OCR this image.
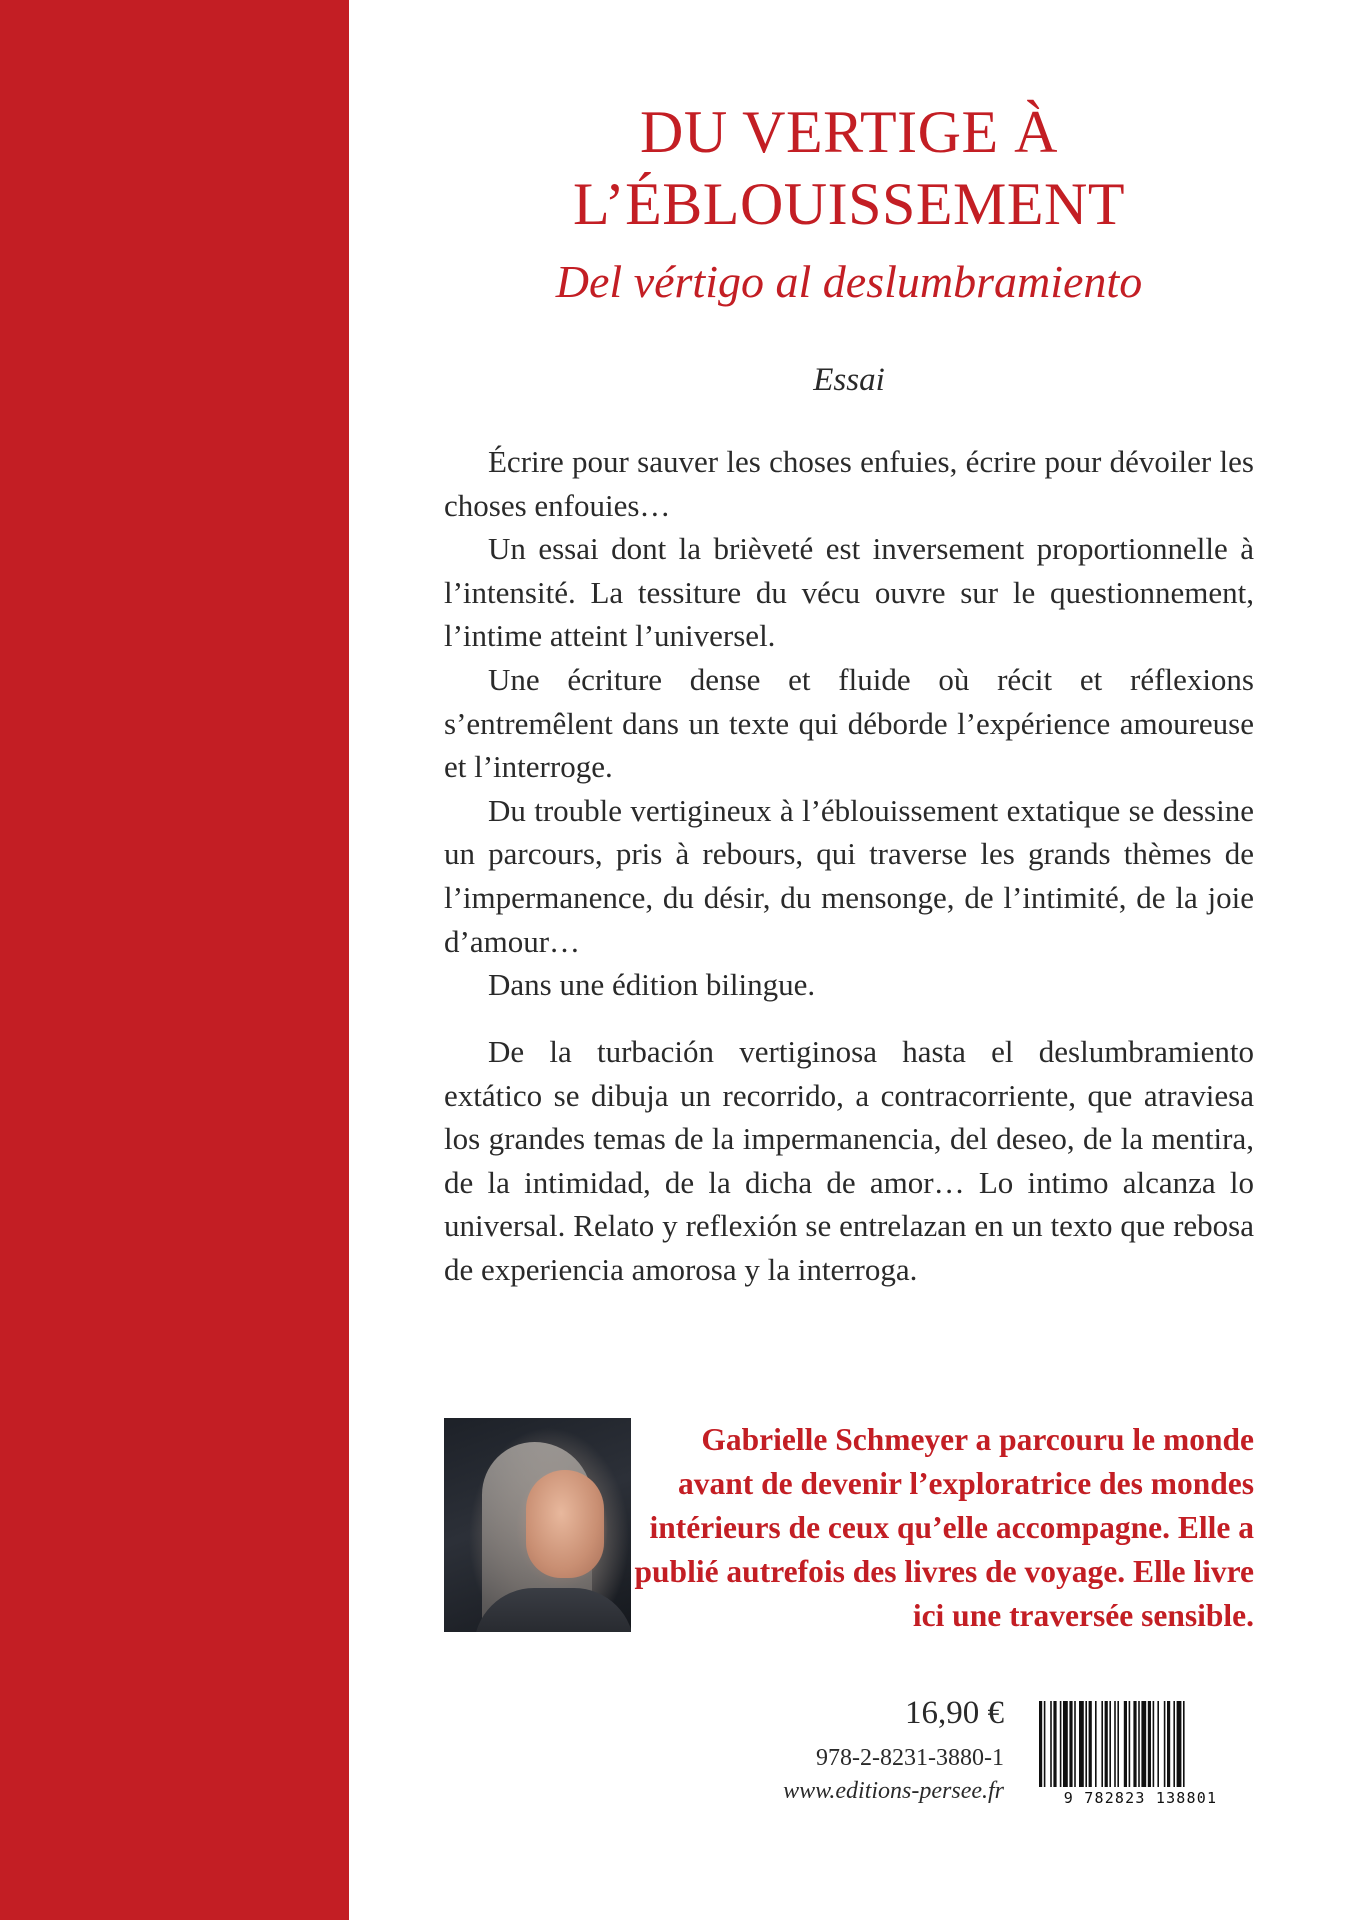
DU VERTIGE À
L’ÉBLOUISSEMENT

Del vértigo al deslumbramiento

Essai

Écrire pour sauver les choses enfuies, écrire pour dévoiler les choses enfouies…

Un essai dont la brièveté est inversement proportionnelle à l’intensité. La tessiture du vécu ouvre sur le questionnement, l’intime atteint l’universel.

Une écriture dense et fluide où récit et réflexions s’entremêlent dans un texte qui déborde l’expérience amoureuse et l’interroge.

Du trouble vertigineux à l’éblouissement extatique se dessine un parcours, pris à rebours, qui traverse les grands thèmes de l’impermanence, du désir, du mensonge, de l’intimité, de la joie d’amour…

Dans une édition bilingue.

De la turbación vertiginosa hasta el deslumbramiento extático se dibuja un recorrido, a contracorriente, que atraviesa los grandes temas de la impermanencia, del deseo, de la mentira, de la intimidad, de la dicha de amor… Lo intimo alcanza lo universal. Relato y reflexión se entrelazan en un texto que rebosa de experiencia amorosa y la interroga.

Gabrielle Schmeyer a parcouru le monde avant de devenir l’exploratrice des mondes intérieurs de ceux qu’elle accompagne. Elle a publié autrefois des livres de voyage. Elle livre ici une traversée sensible.

16,90 €

978-2-8231-3880-1

www.editions-persee.fr	9 782823 138801
